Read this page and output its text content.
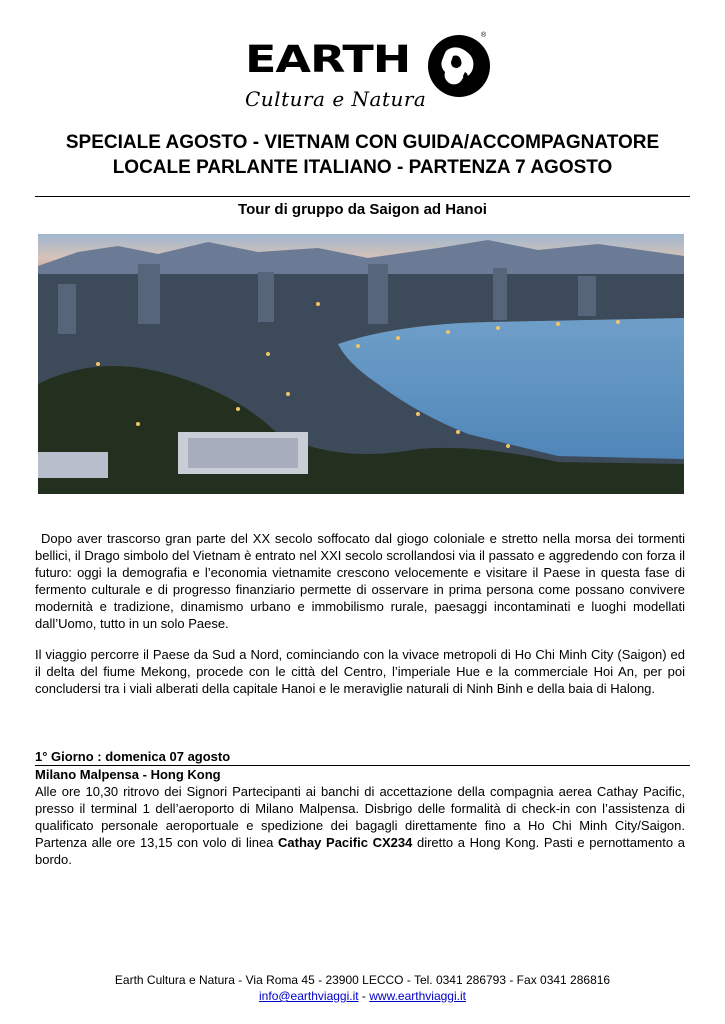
EARTH
®
Cultura e Natura
SPECIALE AGOSTO - VIETNAM CON GUIDA/ACCOMPAGNATORE LOCALE PARLANTE ITALIANO - PARTENZA 7 AGOSTO
Tour di gruppo da Saigon ad Hanoi

Dopo aver trascorso gran parte del XX secolo soffocato dal giogo coloniale e stretto nella morsa dei tormenti bellici, il Drago simbolo del Vietnam è entrato nel XXI secolo scrollandosi via il passato e aggredendo con forza il futuro: oggi la demografia e l’economia vietnamite crescono velocemente e visitare il Paese in questa fase di fermento culturale e di progresso finanziario permette di osservare in prima persona come possano convivere modernità e tradizione, dinamismo urbano e immobilismo rurale, paesaggi incontaminati e luoghi modellati dall’Uomo, tutto in un solo Paese.

Il viaggio percorre il Paese da Sud a Nord, cominciando con la vivace metropoli di Ho Chi Minh City (Saigon) ed il delta del fiume Mekong, procede con le città del Centro, l’imperiale Hue e la commerciale Hoi An, per poi concludersi tra i viali alberati della capitale Hanoi e le meraviglie naturali di Ninh Binh e della baia di Halong.

1° Giorno : domenica 07 agosto
Milano Malpensa - Hong Kong

Alle ore 10,30 ritrovo dei Signori Partecipanti ai banchi di accettazione della compagnia aerea Cathay Pacific, presso il terminal 1 dell’aeroporto di Milano Malpensa. Disbrigo delle formalità di check-in con l’assistenza di qualificato personale aeroportuale e spedizione dei bagagli direttamente fino a Ho Chi Minh City/Saigon. Partenza alle ore 13,15 con volo di linea Cathay Pacific CX234 diretto a Hong Kong. Pasti e pernottamento a bordo.

Earth Cultura e Natura - Via Roma 45 - 23900 LECCO - Tel. 0341 286793 - Fax 0341 286816
info@earthviaggi.it - www.earthviaggi.it
